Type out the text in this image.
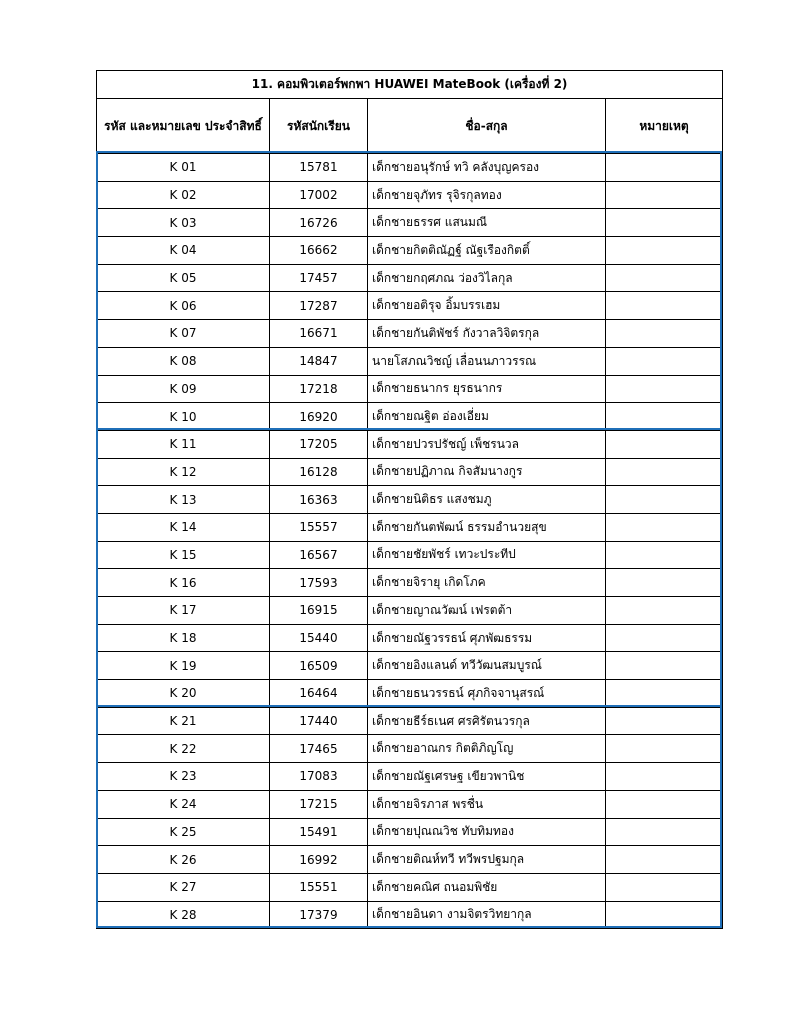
11. คอมพิวเตอร์พกพา HUAWEI MateBook (เครื่องที่ 2)			
รหัส และหมายเลข ประจำสิทธิ์	รหัสนักเรียน	ชื่อ-สกุล	หมายเหตุ
K 01	15781	เด็กชายอนุรักษ์ ทวิ คลังบุญครอง	
K 02	17002	เด็กชายจุภัทร รุจิรกุลทอง	
K 03	16726	เด็กชายธรรศ แสนมณี	
K 04	16662	เด็กชายกิตติณัฏฐ์ ณัฐเรืองกิตติ์	
K 05	17457	เด็กชายกฤศภณ ว่องวิไลกุล	
K 06	17287	เด็กชายอติรุจ อิ้มบรรเฮม	
K 07	16671	เด็กชายกันติพัชร์ กังวาลวิจิตรกุล	
K 08	14847	นายโสภณวิชญ์ เลื่อนนภาวรรณ	
K 09	17218	เด็กชายธนากร ยุรธนากร	
K 10	16920	เด็กชายณฐิต อ่องเอี่ยม	
K 11	17205	เด็กชายปวรปรัชญ์ เพ็ชรนวล	
K 12	16128	เด็กชายปฏิภาณ กิจสัมนางกูร	
K 13	16363	เด็กชายนิติธร แสงชมภู	
K 14	15557	เด็กชายกันตพัฒน์ ธรรมอำนวยสุข	
K 15	16567	เด็กชายชัยพัชร์ เทวะประทีป	
K 16	17593	เด็กชายจิรายุ เกิดโภค	
K 17	16915	เด็กชายญาณวัฒน์ เฟรตต้า	
K 18	15440	เด็กชายณัฐวรรธน์ ศุภพัฒธรรม	
K 19	16509	เด็กชายอิงแลนด์ ทวีวัฒนสมบูรณ์	
K 20	16464	เด็กชายธนวรรธน์ ศุภกิจจานุสรณ์	
K 21	17440	เด็กชายธีร์ธเนศ ศรศิรัตนวรกุล	
K 22	17465	เด็กชายอาณกร กิตติภิญโญ	
K 23	17083	เด็กชายณัฐเศรษฐ เขียวพานิช	
K 24	17215	เด็กชายจิรภาส พรชื่น	
K 25	15491	เด็กชายปุณณวิช ทับทิมทอง	
K 26	16992	เด็กชายติณห์ทวี ทวีพรปฐมกุล	
K 27	15551	เด็กชายคณิศ ถนอมพิชัย	
K 28	17379	เด็กชายอินดา งามจิตรวิทยากุล	
